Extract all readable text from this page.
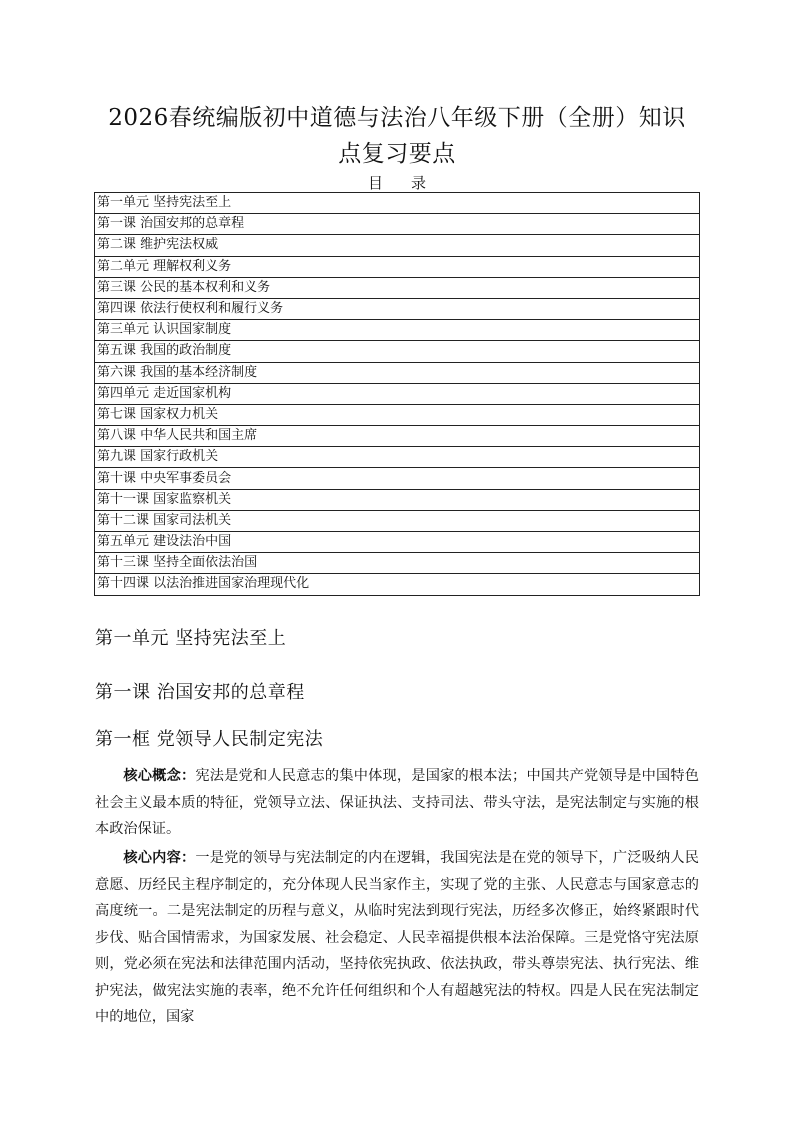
2026春统编版初中道德与法治八年级下册（全册）知识
点复习要点
目录
第一单元 坚持宪法至上
第一课 治国安邦的总章程
第二课 维护宪法权威
第二单元 理解权利义务
第三课 公民的基本权利和义务
第四课 依法行使权利和履行义务
第三单元 认识国家制度
第五课 我国的政治制度
第六课 我国的基本经济制度
第四单元 走近国家机构
第七课 国家权力机关
第八课 中华人民共和国主席
第九课 国家行政机关
第十课 中央军事委员会
第十一课 国家监察机关
第十二课 国家司法机关
第五单元 建设法治中国
第十三课 坚持全面依法治国
第十四课 以法治推进国家治理现代化
第一单元 坚持宪法至上
第一课 治国安邦的总章程
第一框 党领导人民制定宪法
核心概念：宪法是党和人民意志的集中体现，是国家的根本法；中国共产党领导是中国特色社会主义最本质的特征，党领导立法、保证执法、支持司法、带头守法，是宪法制定与实施的根本政治保证。
核心内容：一是党的领导与宪法制定的内在逻辑，我国宪法是在党的领导下，广泛吸纳人民意愿、历经民主程序制定的，充分体现人民当家作主，实现了党的主张、人民意志与国家意志的高度统一。二是宪法制定的历程与意义，从临时宪法到现行宪法，历经多次修正，始终紧跟时代步伐、贴合国情需求，为国家发展、社会稳定、人民幸福提供根本法治保障。三是党恪守宪法原则，党必须在宪法和法律范围内活动，坚持依宪执政、依法执政，带头尊崇宪法、执行宪法、维护宪法，做宪法实施的表率，绝不允许任何组织和个人有超越宪法的特权。四是人民在宪法制定中的地位，国家
